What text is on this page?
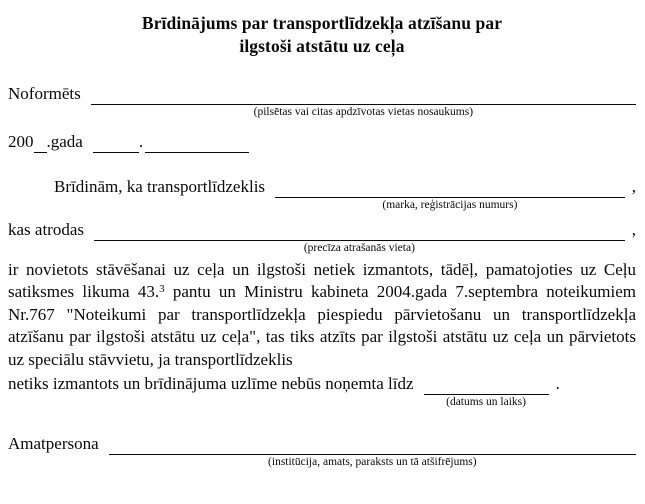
Brīdinājums par transportlīdzekļa atzīšanu par
ilgstoši atstātu uz ceļa
Noformēts
(pilsētas vai citas apdzīvotas vietas nosaukums)
200 .gada	.
Brīdinām, ka transportlīdzeklis
(marka, reģistrācijas numurs)
,
kas atrodas
(precīza atrašanās vieta)
,

ir novietots stāvēšanai uz ceļa un ilgstoši netiek izmantots, tādēļ, pamatojoties uz Ceļu satiksmes likuma 43.$^3$ pantu un Ministru kabineta 2004.gada 7.septembra noteikumiem Nr.767 "Noteikumi par transportlīdzekļa piespiedu pārvietošanu un transportlīdzekļa atzīšanu par ilgstoši atstātu uz ceļa", tas tiks atzīts par ilgstoši atstātu uz ceļa un pārvietots uz speciālu stāvvietu, ja transportlīdzeklis

netiks izmantots un brīdinājuma uzlīme nebūs noņemta līdz
(datums un laiks)
.
Amatpersona
(institūcija, amats, paraksts un tā atšifrējums)
